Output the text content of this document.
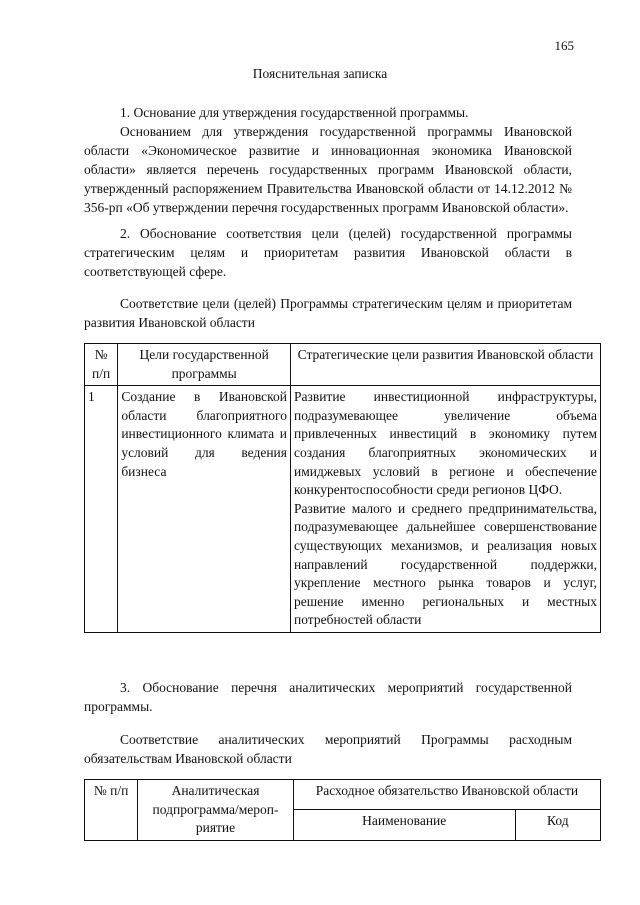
165
Пояснительная записка
1. Основание для утверждения государственной программы.
Основанием для утверждения государственной программы Ивановской области «Экономическое развитие и инновационная экономика Ивановской области» является перечень государственных программ Ивановской области, утвержденный распоряжением Правительства Ивановской области от 14.12.2012 № 356-рп «Об утверждении перечня государственных программ Ивановской области».
2. Обоснование соответствия цели (целей) государственной программы стратегическим целям и приоритетам развития Ивановской области в соответствующей сфере.
Соответствие цели (целей) Программы стратегическим целям и приоритетам развития Ивановской области
№ п/п	Цели государственной программы	Стратегические цели развития Ивановской области
1	Создание в Ивановской области благоприятного инвестиционного климата и условий для ведения бизнеса	Развитие инвестиционной инфраструктуры, подразумевающее увеличение объема привлеченных инвестиций в экономику путем создания благоприятных экономических и имиджевых условий в регионе и обеспечение конкурентоспособности среди регионов ЦФО.
Развитие малого и среднего предпринимательства, подразумевающее дальнейшее совершенствование существующих механизмов, и реализация новых направлений государственной поддержки, укрепление местного рынка товаров и услуг, решение именно региональных и местных потребностей области
3. Обоснование перечня аналитических мероприятий государственной программы.
Соответствие аналитических мероприятий Программы расходным обязательствам Ивановской области
№ п/п	Аналитическая подпрограмма/мероп-риятие	Расходное обязательство Ивановской области	
		Наименование	Код
